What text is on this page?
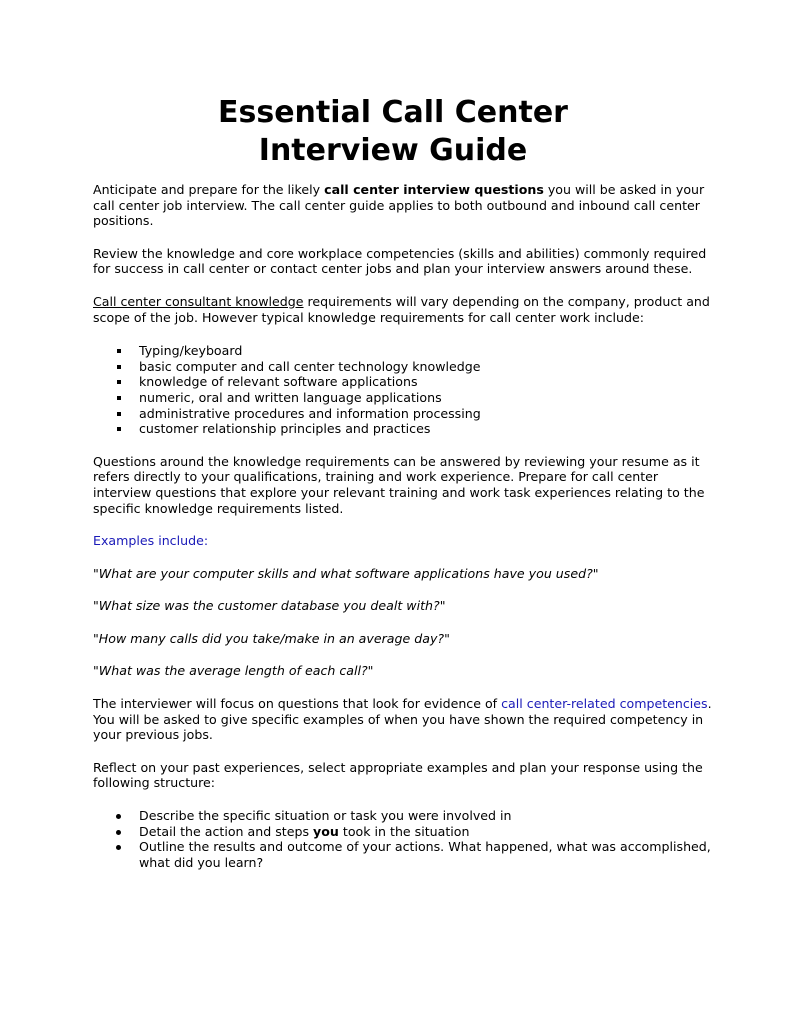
Essential Call Center
Interview Guide

Anticipate and prepare for the likely call center interview questions you will be asked in your call center job interview. The call center guide applies to both outbound and inbound call center positions.

Review the knowledge and core workplace competencies (skills and abilities) commonly required for success in call center or contact center jobs and plan your interview answers around these.

Call center consultant knowledge requirements will vary depending on the company, product and scope of the job. However typical knowledge requirements for call center work include:

Typing/keyboard
basic computer and call center technology knowledge
knowledge of relevant software applications
numeric, oral and written language applications
administrative procedures and information processing
customer relationship principles and practices

Questions around the knowledge requirements can be answered by reviewing your resume as it refers directly to your qualifications, training and work experience. Prepare for call center interview questions that explore your relevant training and work task experiences relating to the specific knowledge requirements listed.

Examples include:

"What are your computer skills and what software applications have you used?"

"What size was the customer database you dealt with?"

"How many calls did you take/make in an average day?"

"What was the average length of each call?"

The interviewer will focus on questions that look for evidence of call center-related competencies. You will be asked to give specific examples of when you have shown the required competency in your previous jobs.

Reflect on your past experiences, select appropriate examples and plan your response using the following structure:

Describe the specific situation or task you were involved in
Detail the action and steps you took in the situation
Outline the results and outcome of your actions. What happened, what was accomplished, what did you learn?
